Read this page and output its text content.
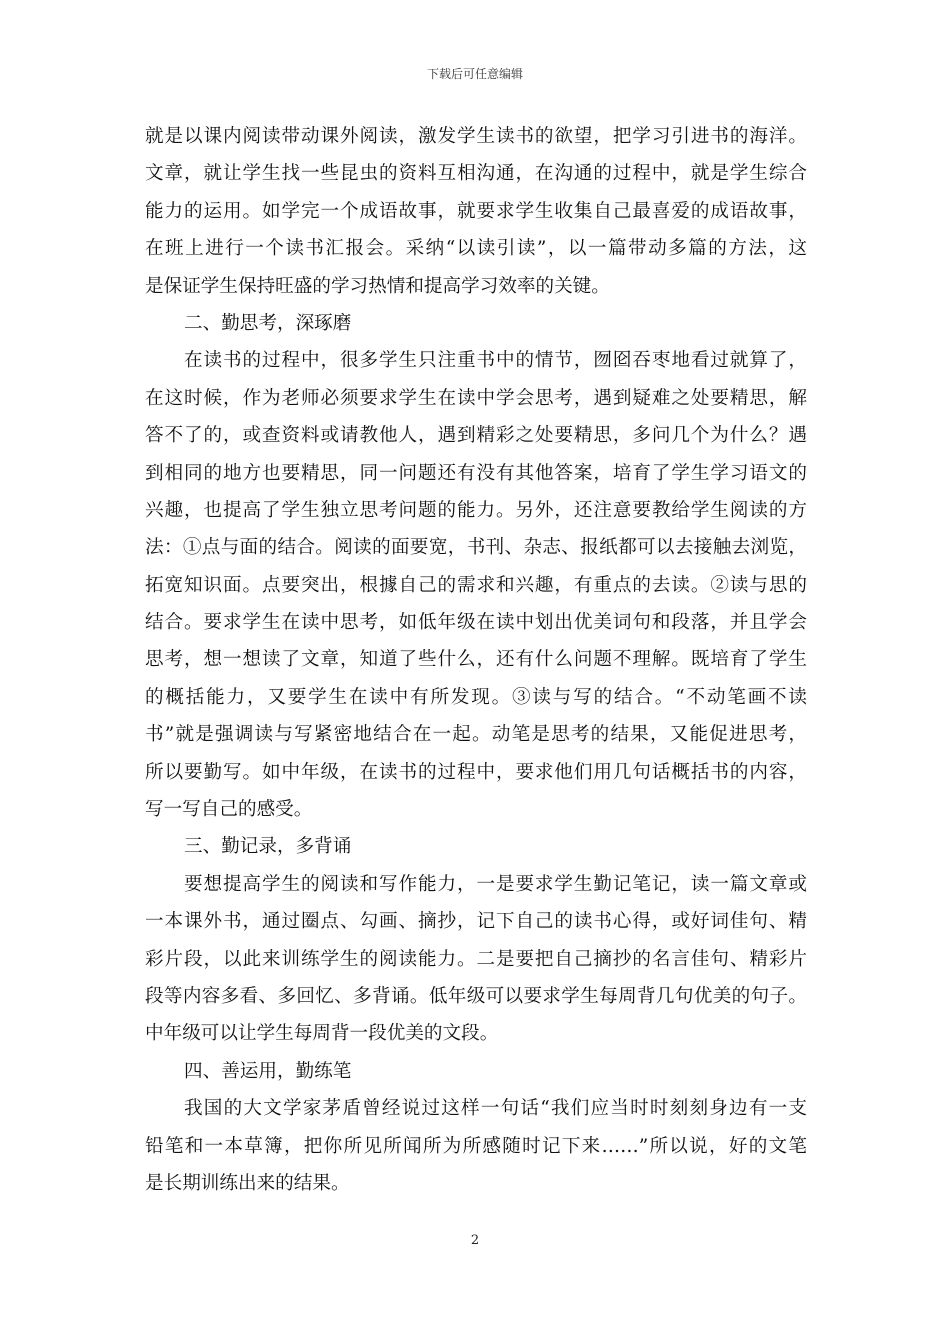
下载后可任意编辑
就是以课内阅读带动课外阅读，激发学生读书的欲望，把学习引进书的海洋。
文章，就让学生找一些昆虫的资料互相沟通，在沟通的过程中，就是学生综合
能力的运用。如学完一个成语故事，就要求学生收集自己最喜爱的成语故事，
在班上进行一个读书汇报会。采纳“以读引读”，以一篇带动多篇的方法，这
是保证学生保持旺盛的学习热情和提高学习效率的关键。
二、勤思考，深琢磨
在读书的过程中，很多学生只注重书中的情节，囫囵吞枣地看过就算了，
在这时候，作为老师必须要求学生在读中学会思考，遇到疑难之处要精思，解
答不了的，或查资料或请教他人，遇到精彩之处要精思，多问几个为什么？遇
到相同的地方也要精思，同一问题还有没有其他答案，培育了学生学习语文的
兴趣，也提高了学生独立思考问题的能力。另外，还注意要教给学生阅读的方
法：①点与面的结合。阅读的面要宽，书刊、杂志、报纸都可以去接触去浏览，
拓宽知识面。点要突出，根據自己的需求和兴趣，有重点的去读。②读与思的
结合。要求学生在读中思考，如低年级在读中划出优美词句和段落，并且学会
思考，想一想读了文章，知道了些什么，还有什么问题不理解。既培育了学生
的概括能力，又要学生在读中有所发现。③读与写的结合。“不动笔画不读
书”就是强调读与写紧密地结合在一起。动笔是思考的结果，又能促进思考，
所以要勤写。如中年级，在读书的过程中，要求他们用几句话概括书的内容，
写一写自己的感受。
三、勤记录，多背诵
要想提高学生的阅读和写作能力，一是要求学生勤记笔记，读一篇文章或
一本课外书，通过圈点、勾画、摘抄，记下自己的读书心得，或好词佳句、精
彩片段，以此来训练学生的阅读能力。二是要把自己摘抄的名言佳句、精彩片
段等内容多看、多回忆、多背诵。低年级可以要求学生每周背几句优美的句子。
中年级可以让学生每周背一段优美的文段。
四、善运用，勤练笔
我国的大文学家茅盾曾经说过这样一句话“我们应当时时刻刻身边有一支
铅笔和一本草簿，把你所见所闻所为所感随时记下来……”所以说，好的文笔
是长期训练出来的结果。
2
